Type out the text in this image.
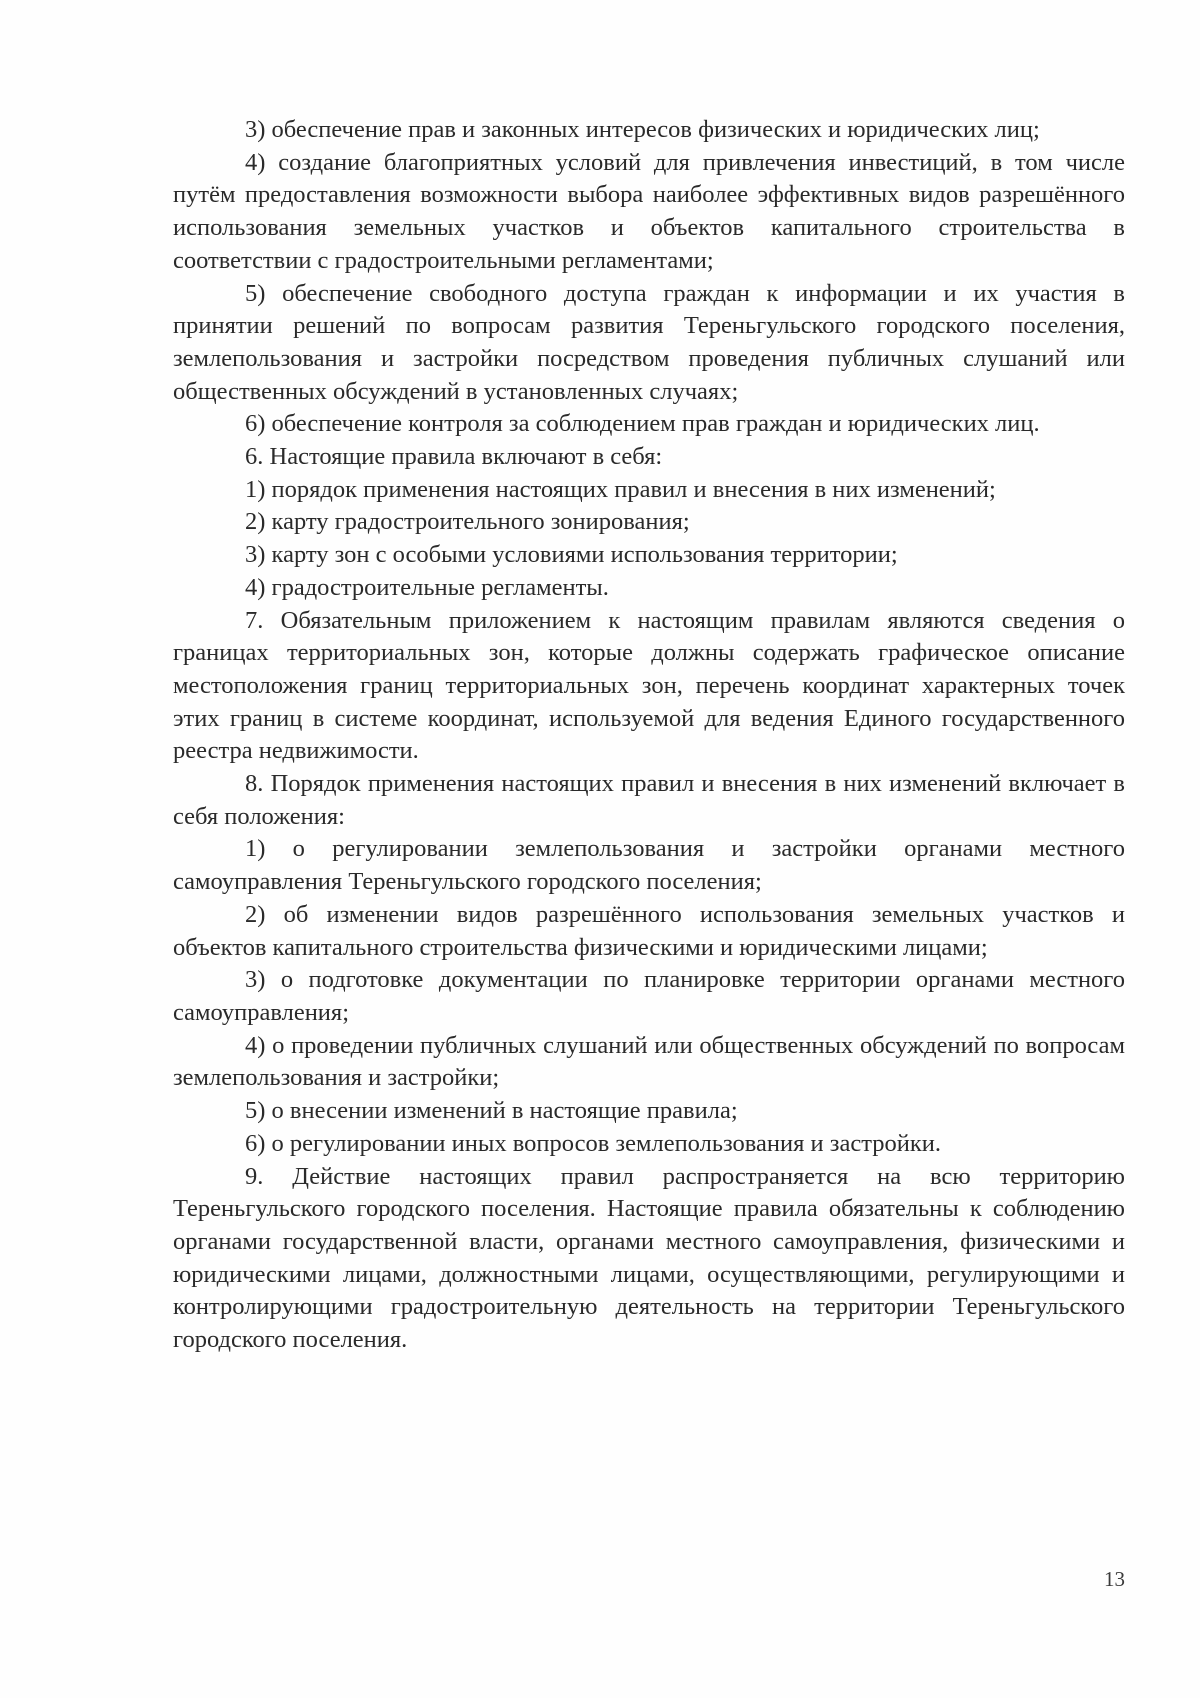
3) обеспечение прав и законных интересов физических и юридических лиц;

4) создание благоприятных условий для привлечения инвестиций, в том числе путём предоставления возможности выбора наиболее эффективных видов разрешённого использования земельных участков и объектов капитального строительства в соответствии с градостроительными регламентами;

5) обеспечение свободного доступа граждан к информации и их участия в принятии решений по вопросам развития Тереньгульского городского поселения, землепользования и застройки посредством проведения публичных слушаний или общественных обсуждений в установленных случаях;

6) обеспечение контроля за соблюдением прав граждан и юридических лиц.

6. Настоящие правила включают в себя:

1) порядок применения настоящих правил и внесения в них изменений;

2) карту градостроительного зонирования;

3) карту зон с особыми условиями использования территории;

4) градостроительные регламенты.

7. Обязательным приложением к настоящим правилам являются сведения о границах территориальных зон, которые должны содержать графическое описание местоположения границ территориальных зон, перечень координат характерных точек этих границ в системе координат, используемой для ведения Единого государственного реестра недвижимости.

8. Порядок применения настоящих правил и внесения в них изменений включает в себя положения:

1) о регулировании землепользования и застройки органами местного самоуправления Тереньгульского городского поселения;

2) об изменении видов разрешённого использования земельных участков и объектов капитального строительства физическими и юридическими лицами;

3) о подготовке документации по планировке территории органами местного самоуправления;

4) о проведении публичных слушаний или общественных обсуждений по вопросам землепользования и застройки;

5) о внесении изменений в настоящие правила;

6) о регулировании иных вопросов землепользования и застройки.

9. Действие настоящих правил распространяется на всю территорию Тереньгульского городского поселения. Настоящие правила обязательны к соблюдению органами государственной власти, органами местного самоуправления, физическими и юридическими лицами, должностными лицами, осуществляющими, регулирующими и контролирующими градостроительную деятельность на территории Тереньгульского городского поселения.

13
